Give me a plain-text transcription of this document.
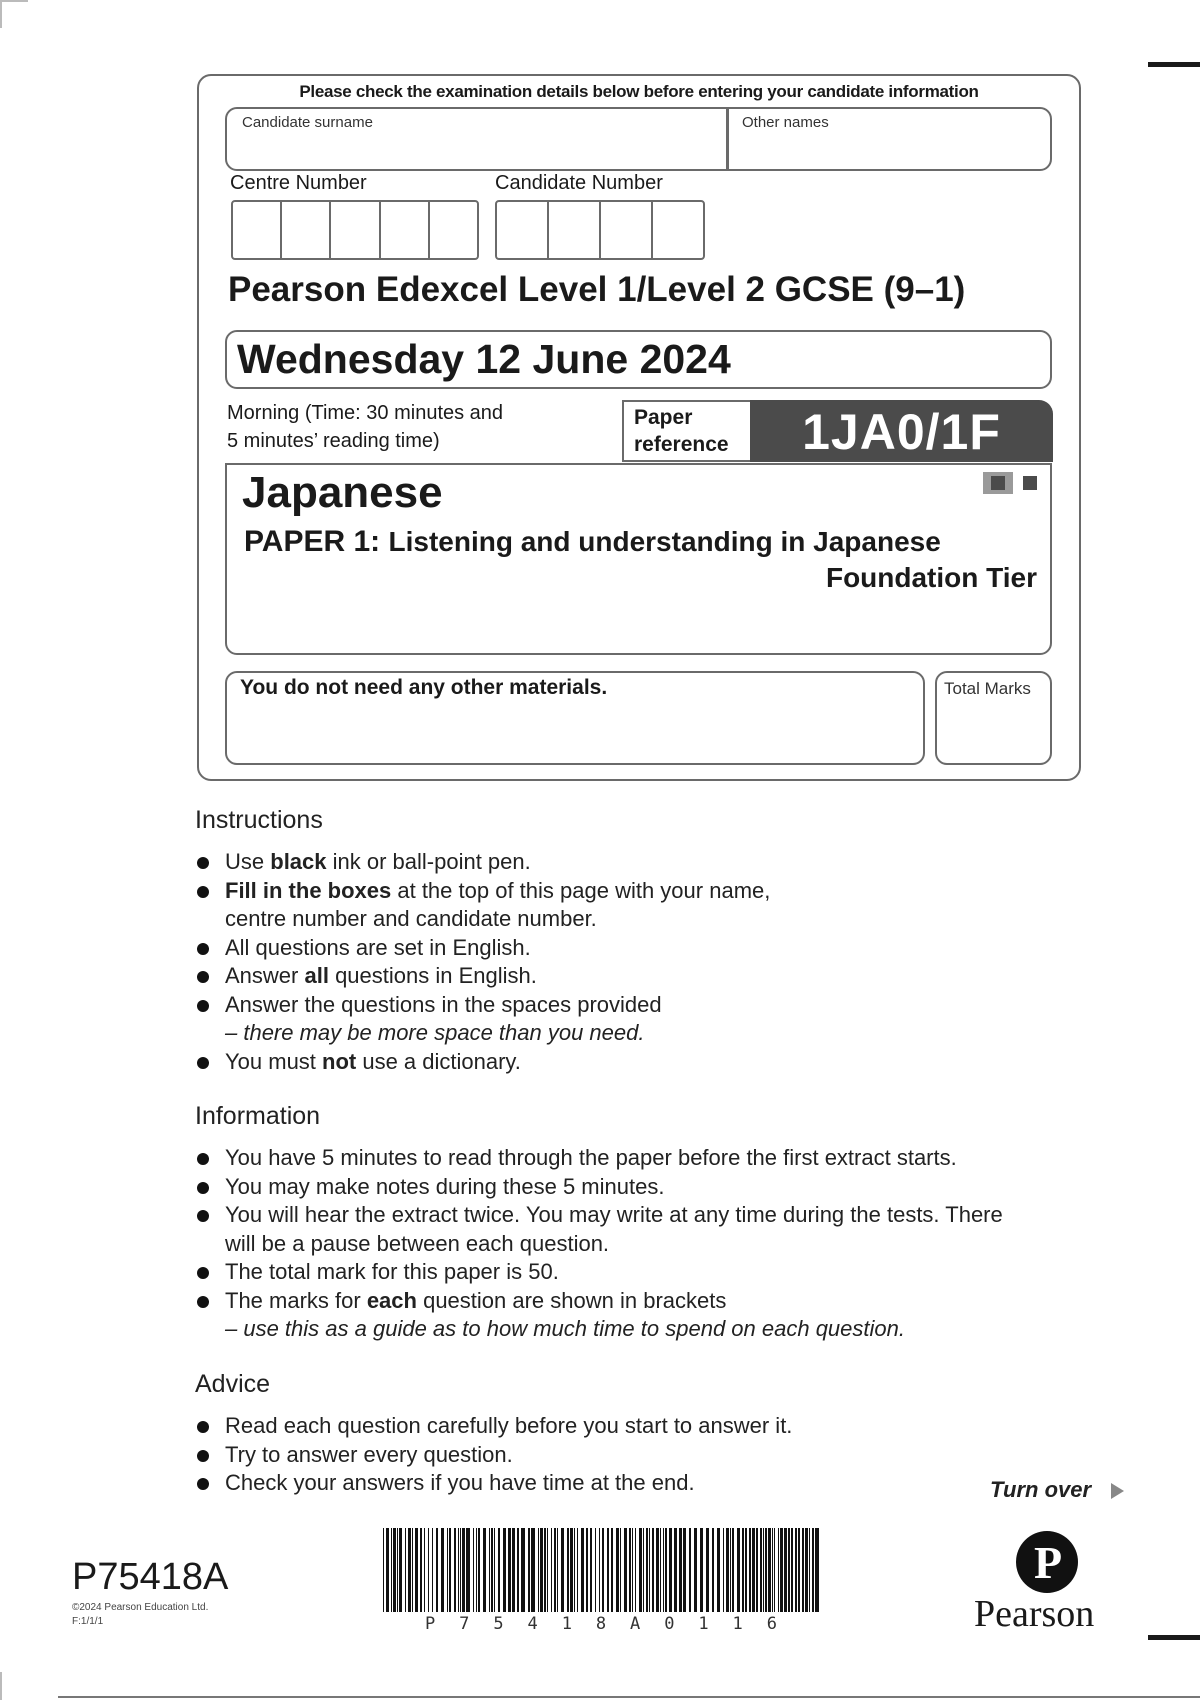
Please check the examination details below before entering your candidate information
Candidate surname	Other names
Centre Number	Candidate Number
Pearson Edexcel Level 1/Level 2 GCSE (9–1)
Wednesday 12 June 2024
Morning (Time: 30 minutes and
5 minutes’ reading time)
Paper
reference	1JA0/1F
Japanese
PAPER 1: Listening and understanding in Japanese
Foundation Tier
You do not need any other materials.	Total Marks
Instructions
Use black ink or ball-point pen.
Fill in the boxes at the top of this page with your name,
centre number and candidate number.
All questions are set in English.
Answer all questions in English.
Answer the questions in the spaces provided
– there may be more space than you need.
You must not use a dictionary.
Information
You have 5 minutes to read through the paper before the first extract starts.
You may make notes during these 5 minutes.
You will hear the extract twice. You may write at any time during the tests. There
will be a pause between each question.
The total mark for this paper is 50.
The marks for each question are shown in brackets
– use this as a guide as to how much time to spend on each question.
Advice
Read each question carefully before you start to answer it.
Try to answer every question.
Check your answers if you have time at the end.	Turn over
P75418A
©2024 Pearson Education Ltd.
F:1/1/1	P 7 5 4 1 8 A 0 1 1 6
P
Pearson
